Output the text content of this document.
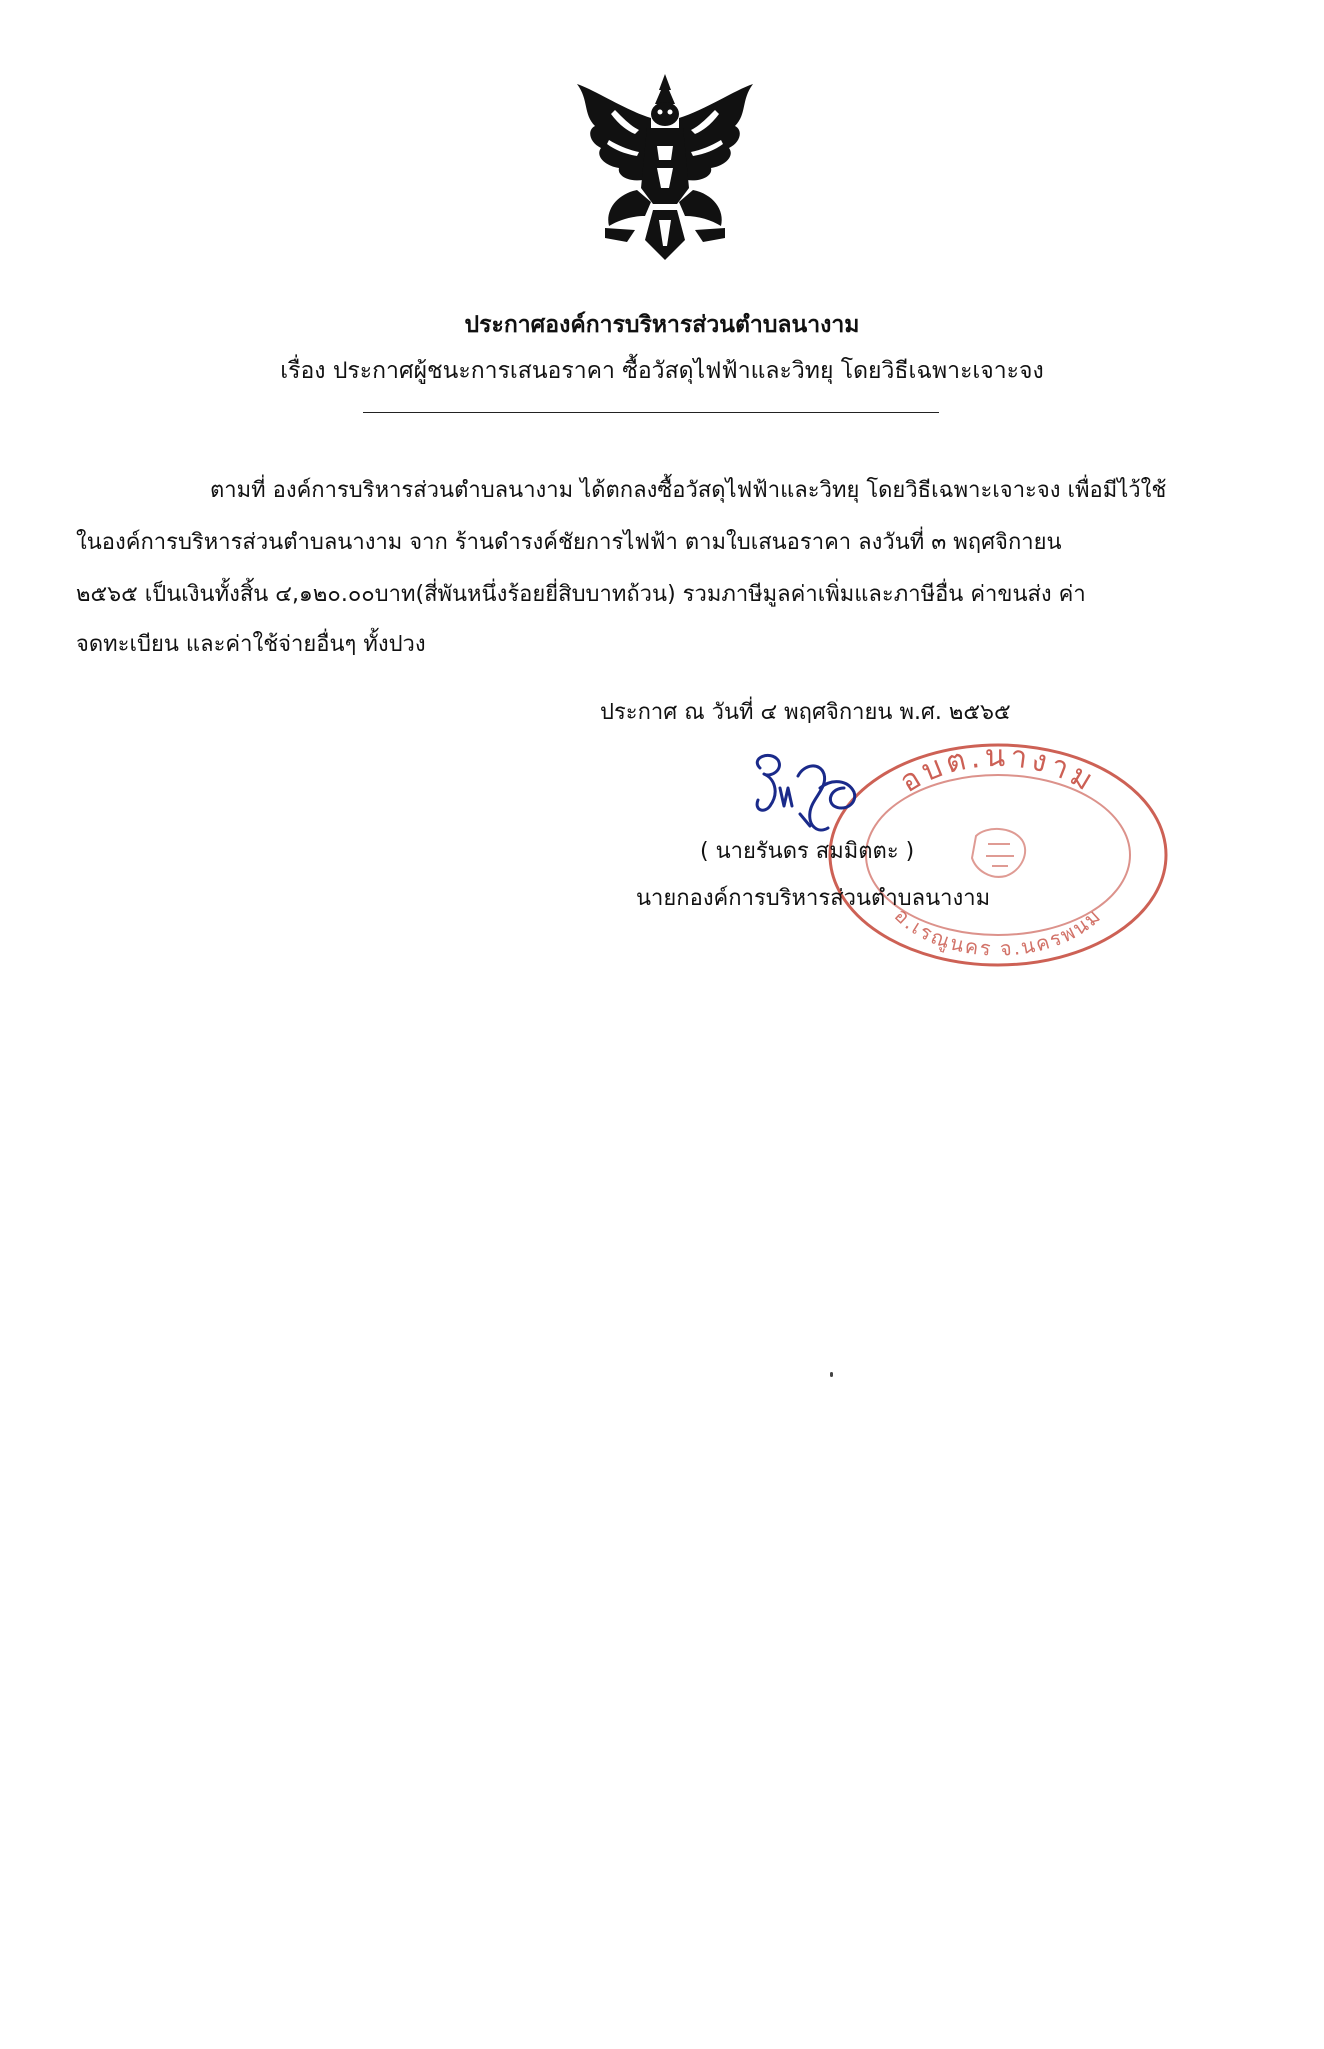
ประกาศองค์การบริหารส่วนตำบลนางาม
เรื่อง ประกาศผู้ชนะการเสนอราคา ซื้อวัสดุไฟฟ้าและวิทยุ โดยวิธีเฉพาะเจาะจง
ตามที่ องค์การบริหารส่วนตำบลนางาม ได้ตกลงซื้อวัสดุไฟฟ้าและวิทยุ โดยวิธีเฉพาะเจาะจง เพื่อมีไว้ใช้
ในองค์การบริหารส่วนตำบลนางาม จาก ร้านดำรงค์ชัยการไฟฟ้า ตามใบเสนอราคา ลงวันที่ ๓ พฤศจิกายน
๒๕๖๕ เป็นเงินทั้งสิ้น ๔,๑๒๐.๐๐บาท(สี่พันหนึ่งร้อยยี่สิบบาทถ้วน) รวมภาษีมูลค่าเพิ่มและภาษีอื่น ค่าขนส่ง ค่า
จดทะเบียน และค่าใช้จ่ายอื่นๆ ทั้งปวง
ประกาศ ณ วันที่ ๔ พฤศจิกายน พ.ศ. ๒๕๖๕
อบต.นางาม
อ.เรณูนคร จ.นครพนม
( นายรันดร สมมิตตะ )
นายกองค์การบริหารส่วนตำบลนางาม
